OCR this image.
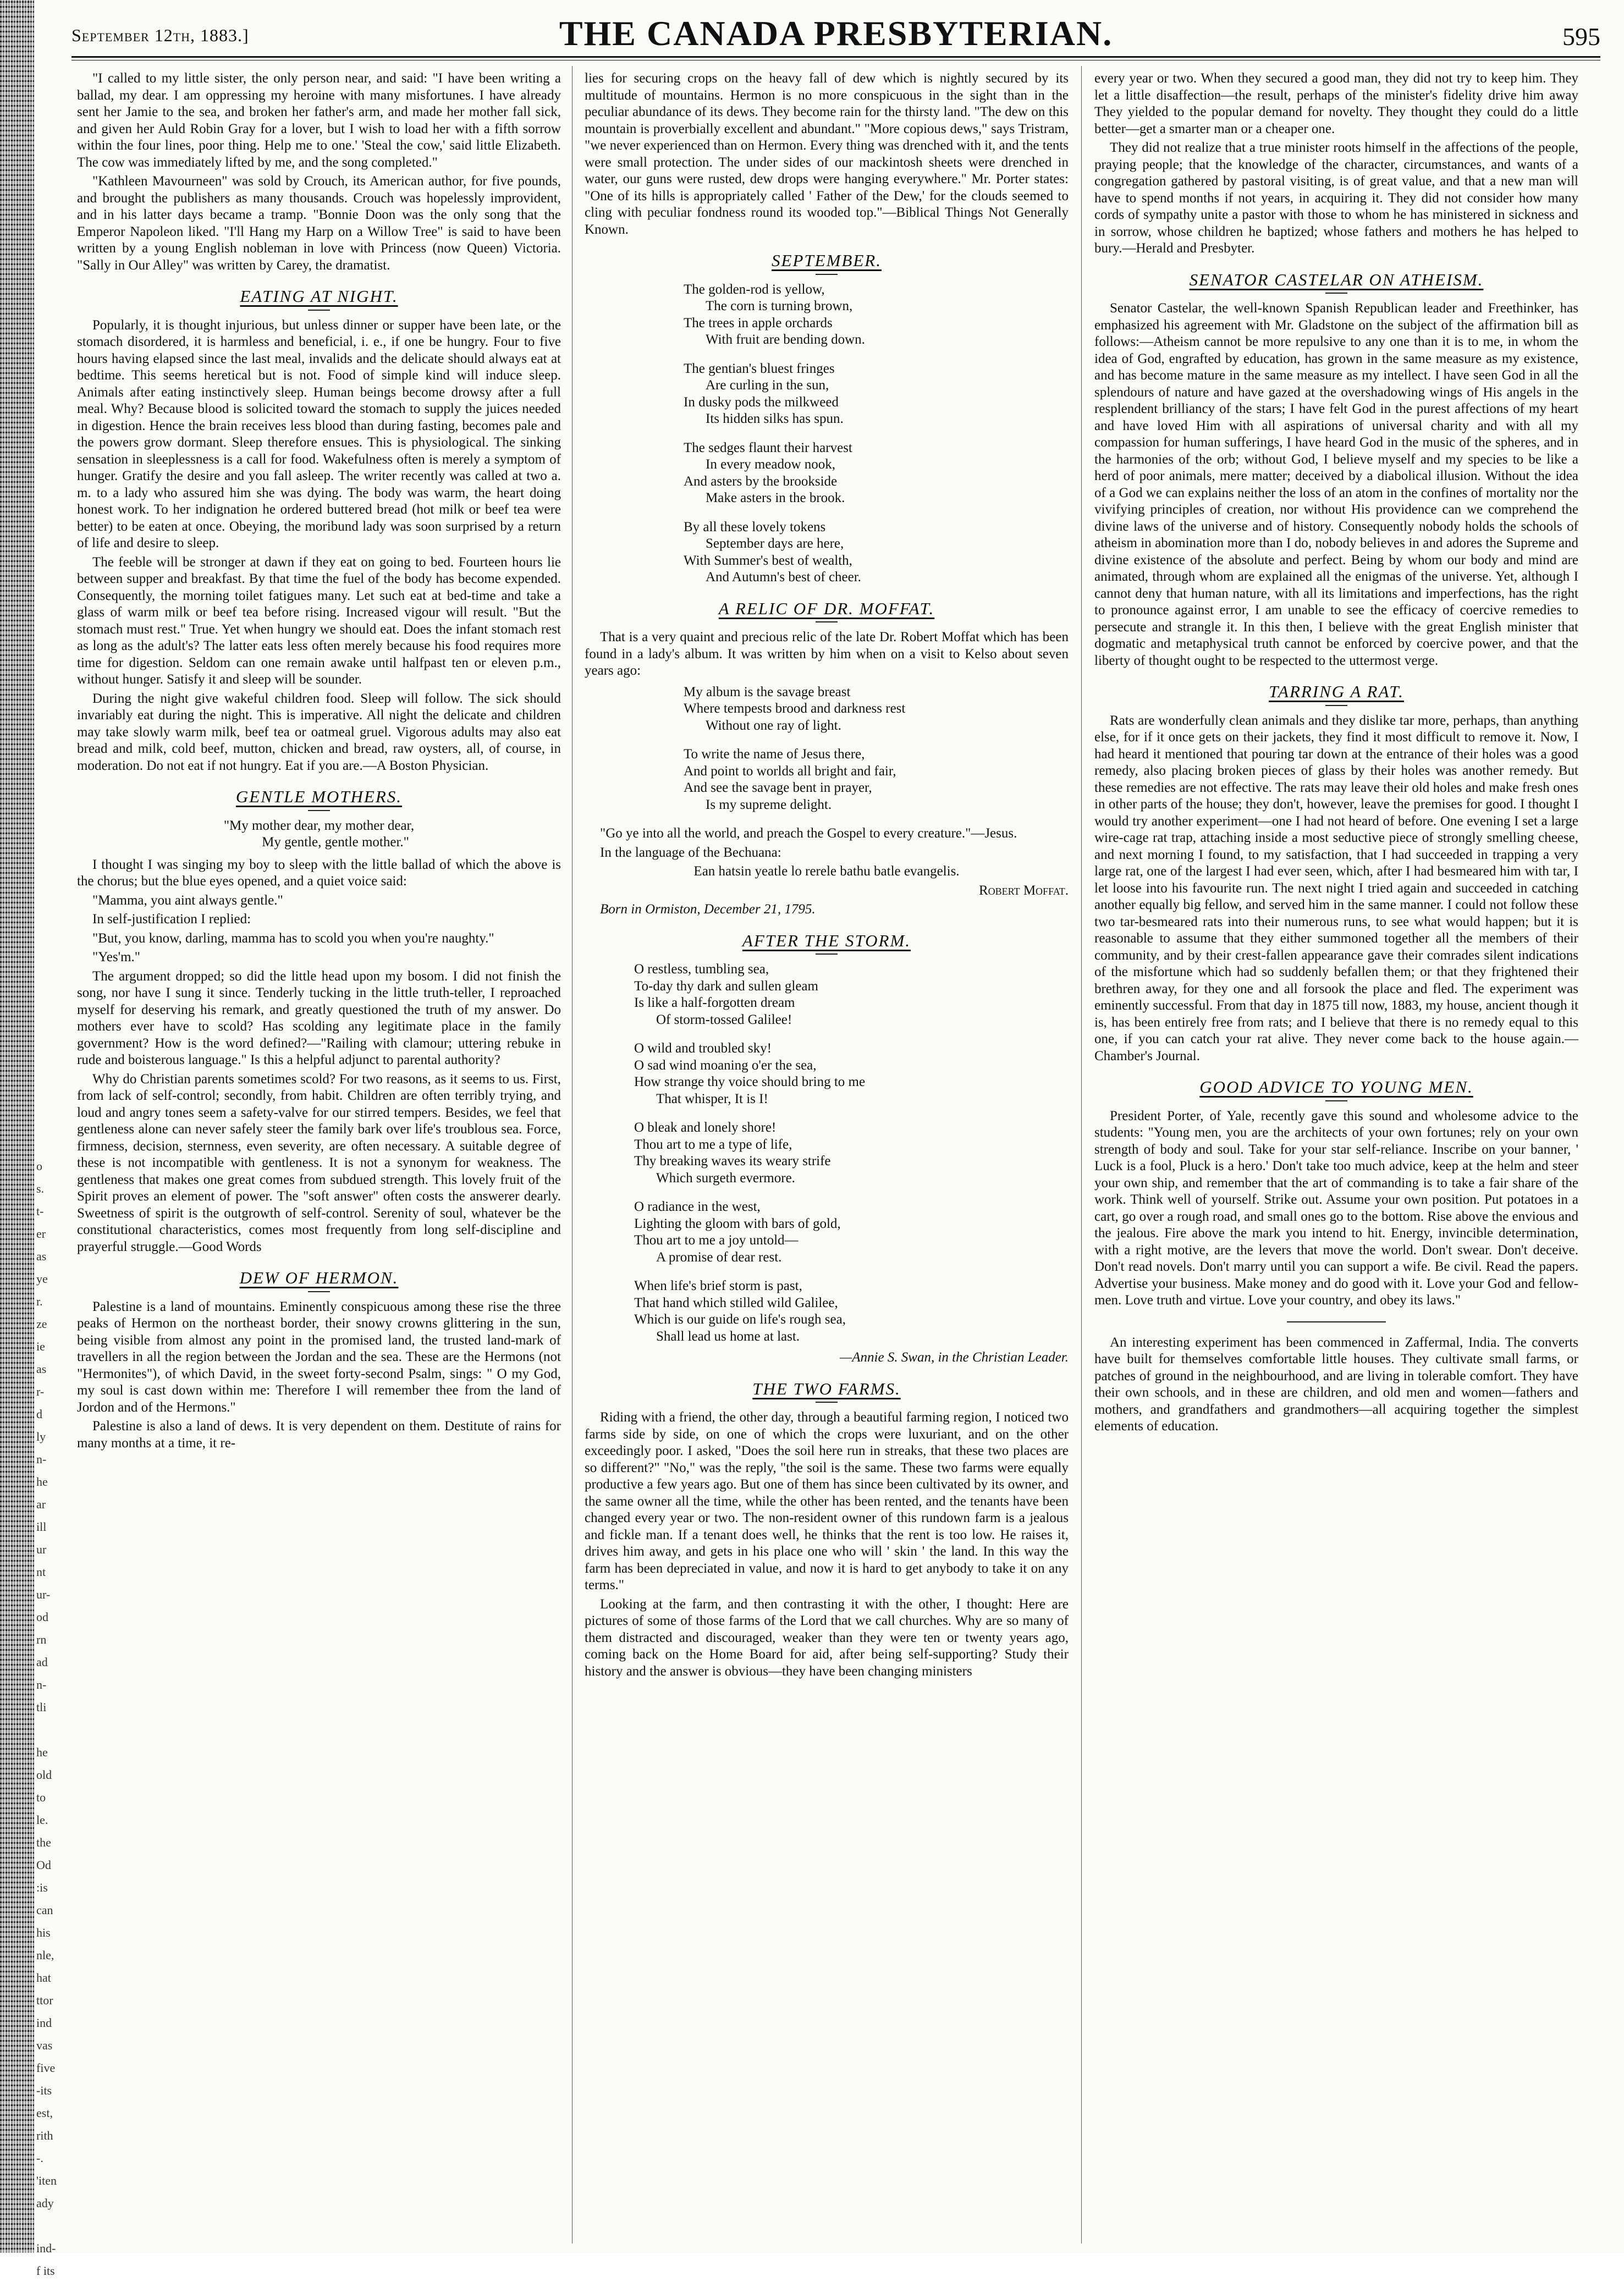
o
s.
t-
er
as
ye
r.
ze
ie
as
r-
d
ly
n-
he
ar
ill
ur
nt
ur-
od
rn
ad
n-
tli

he
old
to
le.
the
Od
:is
can
his
nle,
hat
ttor
ind
vas
five
-its
est,
rith
-.
'iten
ady

ind-
f its
September 12th, 1883.]	THE CANADA PRESBYTERIAN.	595

"I called to my little sister, the only person near, and said: "I have been writing a ballad, my dear. I am oppressing my heroine with many misfortunes. I have already sent her Jamie to the sea, and broken her father's arm, and made her mother fall sick, and given her Auld Robin Gray for a lover, but I wish to load her with a fifth sorrow within the four lines, poor thing. Help me to one.' 'Steal the cow,' said little Elizabeth. The cow was immediately lifted by me, and the song completed."

"Kathleen Mavourneen" was sold by Crouch, its American author, for five pounds, and brought the publishers as many thousands. Crouch was hopelessly improvident, and in his latter days became a tramp. "Bonnie Doon was the only song that the Emperor Napoleon liked. "I'll Hang my Harp on a Willow Tree" is said to have been written by a young English nobleman in love with Princess (now Queen) Victoria. "Sally in Our Alley" was written by Carey, the dramatist.

EATING AT NIGHT.

Popularly, it is thought injurious, but unless dinner or supper have been late, or the stomach disordered, it is harmless and beneficial, i. e., if one be hungry. Four to five hours having elapsed since the last meal, invalids and the delicate should always eat at bedtime. This seems heretical but is not. Food of simple kind will induce sleep. Animals after eating instinctively sleep. Human beings become drowsy after a full meal. Why? Because blood is solicited toward the stomach to supply the juices needed in digestion. Hence the brain receives less blood than during fasting, becomes pale and the powers grow dormant. Sleep therefore ensues. This is physiological. The sinking sensation in sleeplessness is a call for food. Wakefulness often is merely a symptom of hunger. Gratify the desire and you fall asleep. The writer recently was called at two a. m. to a lady who assured him she was dying. The body was warm, the heart doing honest work. To her indignation he ordered buttered bread (hot milk or beef tea were better) to be eaten at once. Obeying, the moribund lady was soon surprised by a return of life and desire to sleep.

The feeble will be stronger at dawn if they eat on going to bed. Fourteen hours lie between supper and breakfast. By that time the fuel of the body has become expended. Consequently, the morning toilet fatigues many. Let such eat at bed-time and take a glass of warm milk or beef tea before rising. Increased vigour will result. "But the stomach must rest." True. Yet when hungry we should eat. Does the infant stomach rest as long as the adult's? The latter eats less often merely because his food requires more time for digestion. Seldom can one remain awake until halfpast ten or eleven p.m., without hunger. Satisfy it and sleep will be sounder.

During the night give wakeful children food. Sleep will follow. The sick should invariably eat during the night. This is imperative. All night the delicate and children may take slowly warm milk, beef tea or oatmeal gruel. Vigorous adults may also eat bread and milk, cold beef, mutton, chicken and bread, raw oysters, all, of course, in moderation. Do not eat if not hungry. Eat if you are.—A Boston Physician.

GENTLE MOTHERS.
"My mother dear, my mother dear,
My gentle, gentle mother."

I thought I was singing my boy to sleep with the little ballad of which the above is the chorus; but the blue eyes opened, and a quiet voice said:

"Mamma, you aint always gentle."

In self-justification I replied:

"But, you know, darling, mamma has to scold you when you're naughty."

"Yes'm."

The argument dropped; so did the little head upon my bosom. I did not finish the song, nor have I sung it since. Tenderly tucking in the little truth-teller, I reproached myself for deserving his remark, and greatly questioned the truth of my answer. Do mothers ever have to scold? Has scolding any legitimate place in the family government? How is the word defined?—"Railing with clamour; uttering rebuke in rude and boisterous language." Is this a helpful adjunct to parental authority?

Why do Christian parents sometimes scold? For two reasons, as it seems to us. First, from lack of self-control; secondly, from habit. Children are often terribly trying, and loud and angry tones seem a safety-valve for our stirred tempers. Besides, we feel that gentleness alone can never safely steer the family bark over life's troublous sea. Force, firmness, decision, sternness, even severity, are often necessary. A suitable degree of these is not incompatible with gentleness. It is not a synonym for weakness. The gentleness that makes one great comes from subdued strength. This lovely fruit of the Spirit proves an element of power. The "soft answer" often costs the answerer dearly. Sweetness of spirit is the outgrowth of self-control. Serenity of soul, whatever be the constitutional characteristics, comes most frequently from long self-discipline and prayerful struggle.—Good Words

DEW OF HERMON.

Palestine is a land of mountains. Eminently conspicuous among these rise the three peaks of Hermon on the northeast border, their snowy crowns glittering in the sun, being visible from almost any point in the promised land, the trusted land-mark of travellers in all the region between the Jordan and the sea. These are the Hermons (not "Hermonites"), of which David, in the sweet forty-second Psalm, sings: " O my God, my soul is cast down within me: Therefore I will remember thee from the land of Jordon and of the Hermons."

Palestine is also a land of dews. It is very dependent on them. Destitute of rains for many months at a time, it re-

lies for securing crops on the heavy fall of dew which is nightly secured by its multitude of mountains. Hermon is no more conspicuous in the sight than in the peculiar abundance of its dews. They become rain for the thirsty land. "The dew on this mountain is proverbially excellent and abundant." "More copious dews," says Tristram, "we never experienced than on Hermon. Every thing was drenched with it, and the tents were small protection. The under sides of our mackintosh sheets were drenched in water, our guns were rusted, dew drops were hanging everywhere." Mr. Porter states: "One of its hills is appropriately called ' Father of the Dew,' for the clouds seemed to cling with peculiar fondness round its wooded top."—Biblical Things Not Generally Known.

SEPTEMBER.
The golden-rod is yellow,
The corn is turning brown,
The trees in apple orchards
With fruit are bending down.
The gentian's bluest fringes
Are curling in the sun,
In dusky pods the milkweed
Its hidden silks has spun.
The sedges flaunt their harvest
In every meadow nook,
And asters by the brookside
Make asters in the brook.
By all these lovely tokens
September days are here,
With Summer's best of wealth,
And Autumn's best of cheer.
A RELIC OF DR. MOFFAT.

That is a very quaint and precious relic of the late Dr. Robert Moffat which has been found in a lady's album. It was written by him when on a visit to Kelso about seven years ago:

My album is the savage breast
Where tempests brood and darkness rest
Without one ray of light.
To write the name of Jesus there,
And point to worlds all bright and fair,
And see the savage bent in prayer,
Is my supreme delight.

"Go ye into all the world, and preach the Gospel to every creature."—Jesus.

In the language of the Bechuana:

Ean hatsin yeatle lo rerele bathu batle evangelis.

Robert Moffat.

Born in Ormiston, December 21, 1795.

AFTER THE STORM.
O restless, tumbling sea,
To-day thy dark and sullen gleam
Is like a half-forgotten dream
Of storm-tossed Galilee!
O wild and troubled sky!
O sad wind moaning o'er the sea,
How strange thy voice should bring to me
That whisper, It is I!
O bleak and lonely shore!
Thou art to me a type of life,
Thy breaking waves its weary strife
Which surgeth evermore.
O radiance in the west,
Lighting the gloom with bars of gold,
Thou art to me a joy untold—
A promise of dear rest.
When life's brief storm is past,
That hand which stilled wild Galilee,
Which is our guide on life's rough sea,
Shall lead us home at last.

—Annie S. Swan, in the Christian Leader.

THE TWO FARMS.

Riding with a friend, the other day, through a beautiful farming region, I noticed two farms side by side, on one of which the crops were luxuriant, and on the other exceedingly poor. I asked, "Does the soil here run in streaks, that these two places are so different?" "No," was the reply, "the soil is the same. These two farms were equally productive a few years ago. But one of them has since been cultivated by its owner, and the same owner all the time, while the other has been rented, and the tenants have been changed every year or two. The non-resident owner of this rundown farm is a jealous and fickle man. If a tenant does well, he thinks that the rent is too low. He raises it, drives him away, and gets in his place one who will ' skin ' the land. In this way the farm has been depreciated in value, and now it is hard to get anybody to take it on any terms."

Looking at the farm, and then contrasting it with the other, I thought: Here are pictures of some of those farms of the Lord that we call churches. Why are so many of them distracted and discouraged, weaker than they were ten or twenty years ago, coming back on the Home Board for aid, after being self-supporting? Study their history and the answer is obvious—they have been changing ministers

every year or two. When they secured a good man, they did not try to keep him. They let a little disaffection—the result, perhaps of the minister's fidelity drive him away They yielded to the popular demand for novelty. They thought they could do a little better—get a smarter man or a cheaper one.

They did not realize that a true minister roots himself in the affections of the people, praying people; that the knowledge of the character, circumstances, and wants of a congregation gathered by pastoral visiting, is of great value, and that a new man will have to spend months if not years, in acquiring it. They did not consider how many cords of sympathy unite a pastor with those to whom he has ministered in sickness and in sorrow, whose children he baptized; whose fathers and mothers he has helped to bury.—Herald and Presbyter.

SENATOR CASTELAR ON ATHEISM.

Senator Castelar, the well-known Spanish Republican leader and Freethinker, has emphasized his agreement with Mr. Gladstone on the subject of the affirmation bill as follows:—Atheism cannot be more repulsive to any one than it is to me, in whom the idea of God, engrafted by education, has grown in the same measure as my existence, and has become mature in the same measure as my intellect. I have seen God in all the splendours of nature and have gazed at the overshadowing wings of His angels in the resplendent brilliancy of the stars; I have felt God in the purest affections of my heart and have loved Him with all aspirations of universal charity and with all my compassion for human sufferings, I have heard God in the music of the spheres, and in the harmonies of the orb; without God, I believe myself and my species to be like a herd of poor animals, mere matter; deceived by a diabolical illusion. Without the idea of a God we can explains neither the loss of an atom in the confines of mortality nor the vivifying principles of creation, nor without His providence can we comprehend the divine laws of the universe and of history. Consequently nobody holds the schools of atheism in abomination more than I do, nobody believes in and adores the Supreme and divine existence of the absolute and perfect. Being by whom our body and mind are animated, through whom are explained all the enigmas of the universe. Yet, although I cannot deny that human nature, with all its limitations and imperfections, has the right to pronounce against error, I am unable to see the efficacy of coercive remedies to persecute and strangle it. In this then, I believe with the great English minister that dogmatic and metaphysical truth cannot be enforced by coercive power, and that the liberty of thought ought to be respected to the uttermost verge.

TARRING A RAT.

Rats are wonderfully clean animals and they dislike tar more, perhaps, than anything else, for if it once gets on their jackets, they find it most difficult to remove it. Now, I had heard it mentioned that pouring tar down at the entrance of their holes was a good remedy, also placing broken pieces of glass by their holes was another remedy. But these remedies are not effective. The rats may leave their old holes and make fresh ones in other parts of the house; they don't, however, leave the premises for good. I thought I would try another experiment—one I had not heard of before. One evening I set a large wire-cage rat trap, attaching inside a most seductive piece of strongly smelling cheese, and next morning I found, to my satisfaction, that I had succeeded in trapping a very large rat, one of the largest I had ever seen, which, after I had besmeared him with tar, I let loose into his favourite run. The next night I tried again and succeeded in catching another equally big fellow, and served him in the same manner. I could not follow these two tar-besmeared rats into their numerous runs, to see what would happen; but it is reasonable to assume that they either summoned together all the members of their community, and by their crest-fallen appearance gave their comrades silent indications of the misfortune which had so suddenly befallen them; or that they frightened their brethren away, for they one and all forsook the place and fled. The experiment was eminently successful. From that day in 1875 till now, 1883, my house, ancient though it is, has been entirely free from rats; and I believe that there is no remedy equal to this one, if you can catch your rat alive. They never come back to the house again.—Chamber's Journal.

GOOD ADVICE TO YOUNG MEN.

President Porter, of Yale, recently gave this sound and wholesome advice to the students: "Young men, you are the architects of your own fortunes; rely on your own strength of body and soul. Take for your star self-reliance. Inscribe on your banner, ' Luck is a fool, Pluck is a hero.' Don't take too much advice, keep at the helm and steer your own ship, and remember that the art of commanding is to take a fair share of the work. Think well of yourself. Strike out. Assume your own position. Put potatoes in a cart, go over a rough road, and small ones go to the bottom. Rise above the envious and the jealous. Fire above the mark you intend to hit. Energy, invincible determination, with a right motive, are the levers that move the world. Don't swear. Don't deceive. Don't read novels. Don't marry until you can support a wife. Be civil. Read the papers. Advertise your business. Make money and do good with it. Love your God and fellow-men. Love truth and virtue. Love your country, and obey its laws."

An interesting experiment has been commenced in Zaffermal, India. The converts have built for themselves comfortable little houses. They cultivate small farms, or patches of ground in the neighbourhood, and are living in tolerable comfort. They have their own schools, and in these are children, and old men and women—fathers and mothers, and grandfathers and grandmothers—all acquiring together the simplest elements of education.
